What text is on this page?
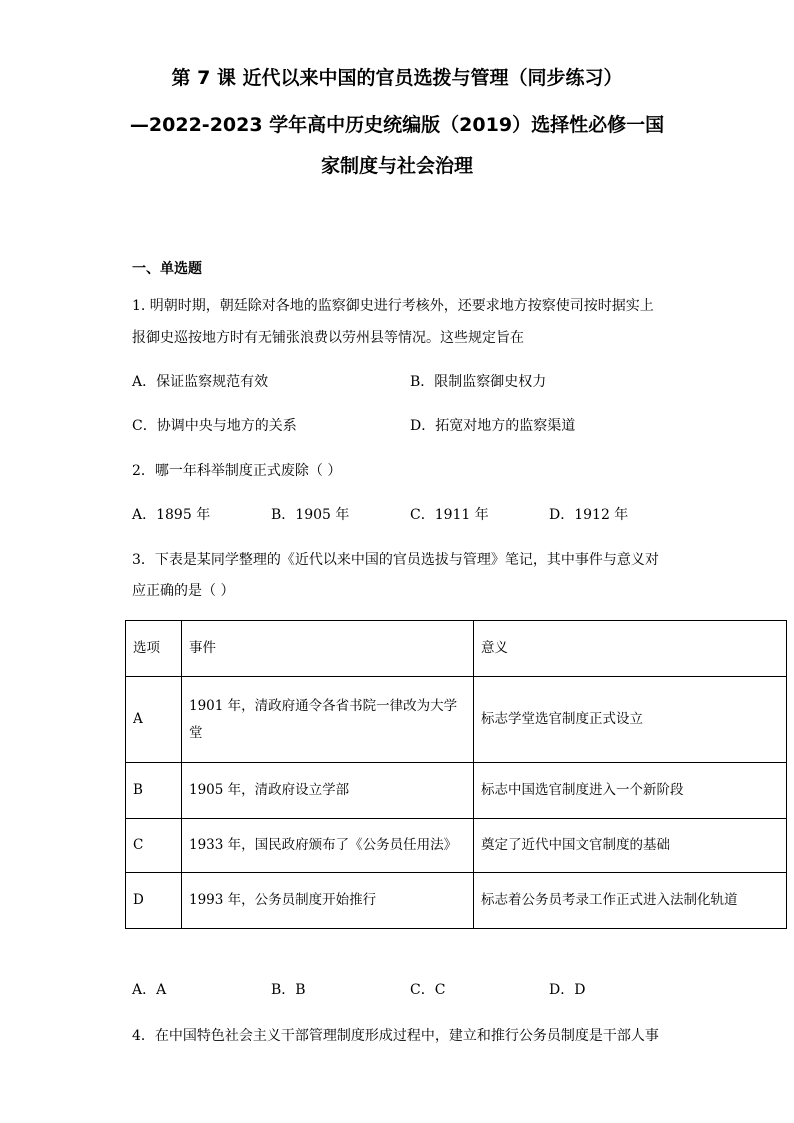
第 7 课 近代以来中国的官员选拨与管理（同步练习）
—2022-2023 学年高中历史统编版（2019）选择性必修一国
家制度与社会治理
一、单选题
1. 明朝时期，朝廷除对各地的监察御史进行考核外，还要求地方按察使司按时据实上
报御史巡按地方时有无铺张浪费以劳州县等情况。这些规定旨在
A．保证监察规范有效	B．限制监察御史权力
C．协调中央与地方的关系	D．拓宽对地方的监察渠道
2．哪一年科举制度正式废除（ ）
A．1895 年	B．1905 年	C．1911 年	D．1912 年
3．下表是某同学整理的《近代以来中国的官员选拔与管理》笔记，其中事件与意义对
应正确的是（ ）
选项	事件	意义
A	1901 年，清政府通令各省书院一律改为大学堂	标志学堂选官制度正式设立
B	1905 年，清政府设立学部	标志中国选官制度进入一个新阶段
C	1933 年，国民政府颁布了《公务员任用法》	奠定了近代中国文官制度的基础
D	1993 年，公务员制度开始推行	标志着公务员考录工作正式进入法制化轨道
A．A	B．B	C．C	D．D
4．在中国特色社会主义干部管理制度形成过程中，建立和推行公务员制度是干部人事
